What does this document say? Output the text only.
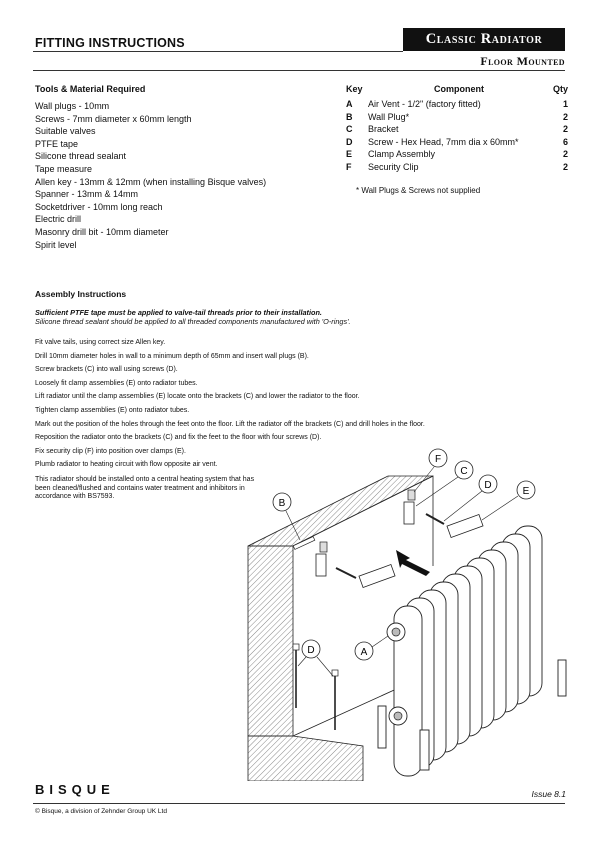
FITTING INSTRUCTIONS	Classic Radiator
Floor Mounted
Tools & Material Required
Wall plugs - 10mm
Screws - 7mm diameter x 60mm length
Suitable valves
PTFE tape
Silicone thread sealant
Tape measure
Allen key - 13mm & 12mm (when installing Bisque valves)
Spanner - 13mm & 14mm
Socketdriver - 10mm long reach
Electric drill
Masonry drill bit - 10mm diameter
Spirit level
Key	Component	Qty
A	Air Vent - 1/2" (factory fitted)	1
B	Wall Plug*	2
C	Bracket	2
D	Screw - Hex Head, 7mm dia x 60mm*	6
E	Clamp Assembly	2
F	Security Clip	2
* Wall Plugs & Screws not supplied
Assembly Instructions
Sufficient PTFE tape must be applied to valve-tail threads prior to their installation.
Silicone thread sealant should be applied to all threaded components manufactured with 'O-rings'.
Fit valve tails, using correct size Allen key.
Drill 10mm diameter holes in wall to a minimum depth of 65mm and insert wall plugs (B).
Screw brackets (C) into wall using screws (D).
Loosely fit clamp assemblies (E) onto radiator tubes.
Lift radiator until the clamp assemblies (E) locate onto the brackets (C) and lower the radiator to the floor.
Tighten clamp assemblies (E) onto radiator tubes.
Mark out the position of the holes through the feet onto the floor. Lift the radiator off the brackets (C) and drill holes in the floor.
Reposition the radiator onto the brackets (C) and fix the feet to the floor with four screws (D).
Fix security clip (F) into position over clamps (E).
Plumb radiator to heating circuit with flow opposite air vent.
This radiator should be installed onto a central heating system that has been cleaned/flushed and contains water treatment and inhibitors in accordance with BS7593.
F
C
D
E
B
D	A
BISQUE	Issue 8.1
© Bisque, a division of Zehnder Group UK Ltd
